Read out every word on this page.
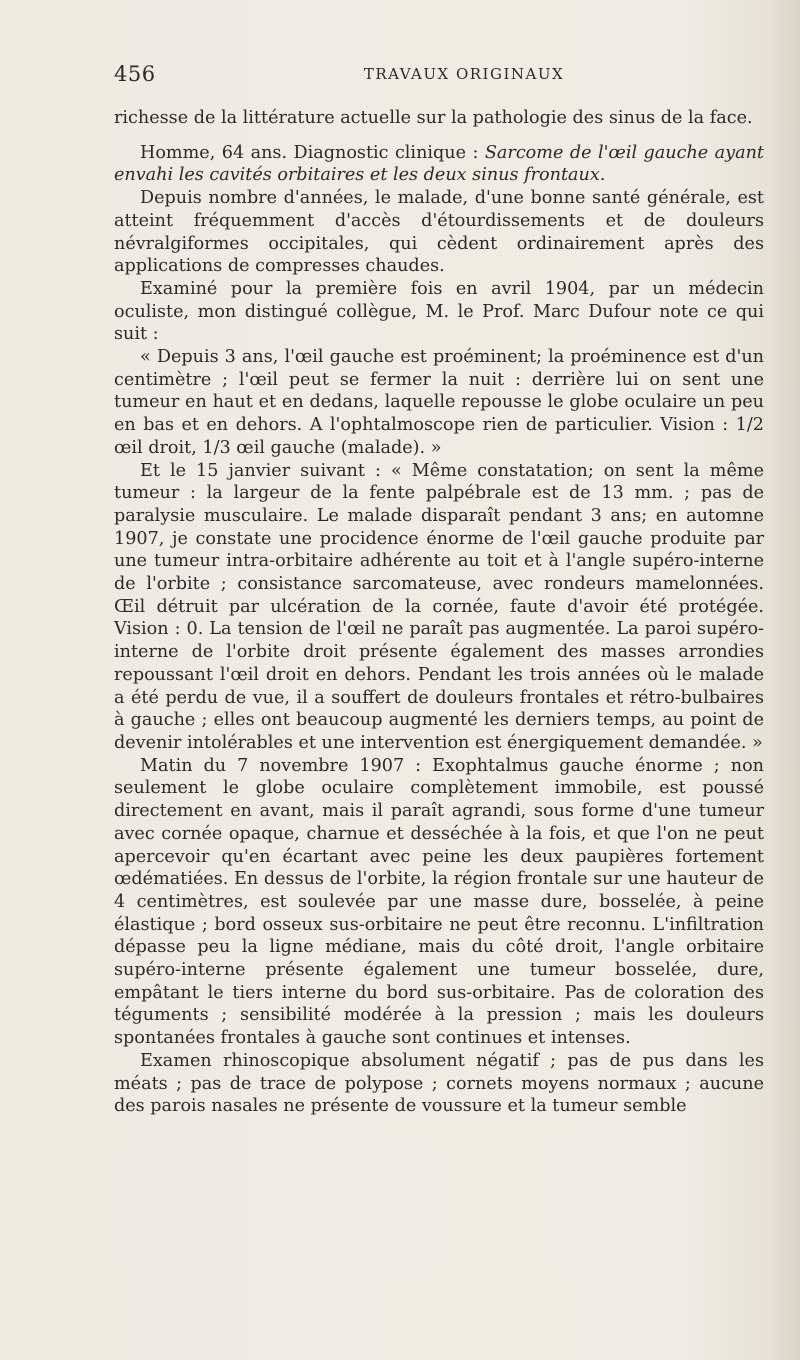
456	TRAVAUX ORIGINAUX

richesse de la littérature actuelle sur la pathologie des sinus de la face.

Homme, 64 ans. Diagnostic clinique : Sarcome de l'œil gauche ayant envahi les cavités orbitaires et les deux sinus frontaux.

Depuis nombre d'années, le malade, d'une bonne santé générale, est atteint fréquemment d'accès d'étourdissements et de douleurs névralgiformes occipitales, qui cèdent ordinairement après des applications de compresses chaudes.

Examiné pour la première fois en avril 1904, par un médecin oculiste, mon distingué collègue, M. le Prof. Marc Dufour note ce qui suit :

« Depuis 3 ans, l'œil gauche est proéminent; la proéminence est d'un centimètre ; l'œil peut se fermer la nuit : derrière lui on sent une tumeur en haut et en dedans, laquelle repousse le globe oculaire un peu en bas et en dehors. A l'ophtalmoscope rien de particulier. Vision : 1/2 œil droit, 1/3 œil gauche (malade). »

Et le 15 janvier suivant : « Même constatation; on sent la même tumeur : la largeur de la fente palpébrale est de 13 mm. ; pas de paralysie musculaire. Le malade disparaît pendant 3 ans; en automne 1907, je constate une procidence énorme de l'œil gauche produite par une tumeur intra-orbitaire adhérente au toit et à l'angle supéro-interne de l'orbite ; consistance sarcomateuse, avec rondeurs mamelonnées. Œil détruit par ulcération de la cornée, faute d'avoir été protégée. Vision : 0. La tension de l'œil ne paraît pas augmentée. La paroi supéro-interne de l'orbite droit présente également des masses arrondies repoussant l'œil droit en dehors. Pendant les trois années où le malade a été perdu de vue, il a souffert de douleurs frontales et rétro-bulbaires à gauche ; elles ont beaucoup augmenté les derniers temps, au point de devenir intolérables et une intervention est énergiquement demandée. »

Matin du 7 novembre 1907 : Exophtalmus gauche énorme ; non seulement le globe oculaire complètement immobile, est poussé directement en avant, mais il paraît agrandi, sous forme d'une tumeur avec cornée opaque, charnue et desséchée à la fois, et que l'on ne peut apercevoir qu'en écartant avec peine les deux paupières fortement œdématiées. En dessus de l'orbite, la région frontale sur une hauteur de 4 centimètres, est soulevée par une masse dure, bosselée, à peine élastique ; bord osseux sus-orbitaire ne peut être reconnu. L'infiltration dépasse peu la ligne médiane, mais du côté droit, l'angle orbitaire supéro-interne présente également une tumeur bosselée, dure, empâtant le tiers interne du bord sus-orbitaire. Pas de coloration des téguments ; sensibilité modérée à la pression ; mais les douleurs spontanées frontales à gauche sont continues et intenses.

Examen rhinoscopique absolument négatif ; pas de pus dans les méats ; pas de trace de polypose ; cornets moyens normaux ; aucune des parois nasales ne présente de voussure et la tumeur semble
